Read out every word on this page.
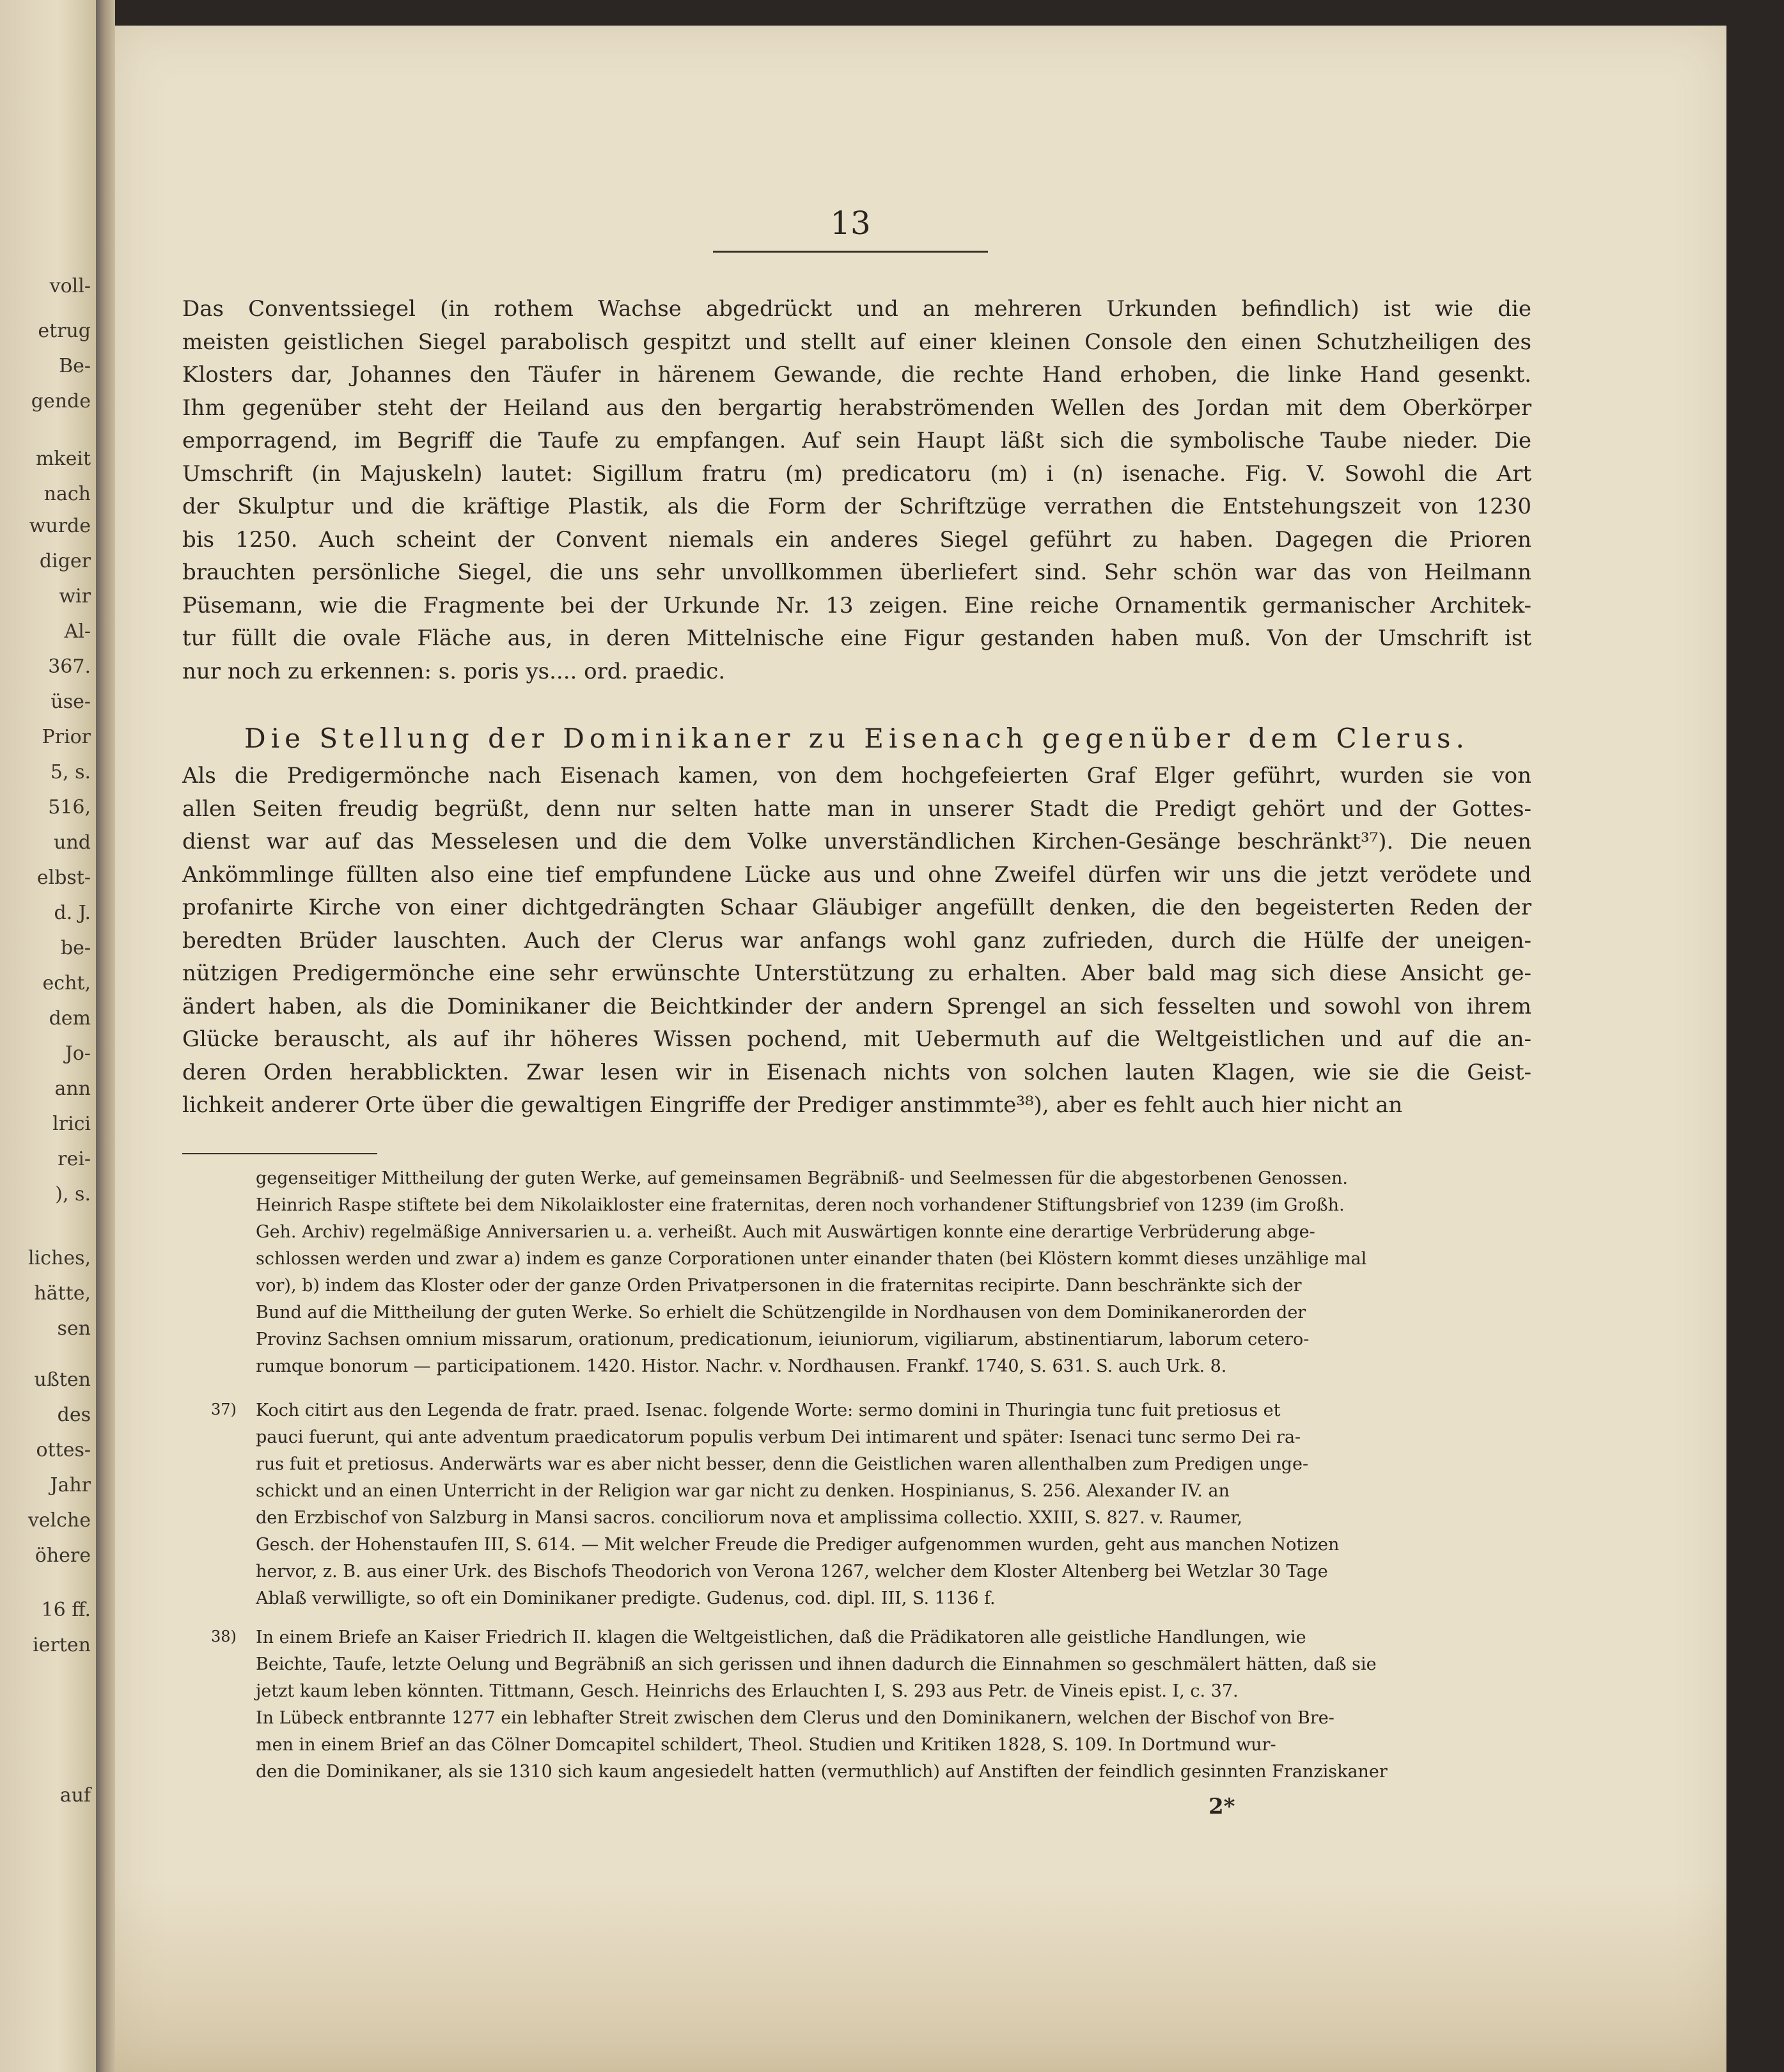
voll-
etrug
Be-
gende
mkeit
nach
wurde
diger
wir
Al-
367.
üse-
Prior
5, s.
516,
und
elbst-
d. J.
be-
echt,
dem
Jo-
ann
lrici
rei-
), s.
liches,
hätte,
sen
ußten
des
ottes-
Jahr
velche
öhere
16 ff.
ierten
auf
13
Das Conventssiegel (in rothem Wachse abgedrückt und an mehreren Urkunden befindlich) ist wie die
meisten geistlichen Siegel parabolisch gespitzt und stellt auf einer kleinen Console den einen Schutzheiligen des
Klosters dar, Johannes den Täufer in härenem Gewande, die rechte Hand erhoben, die linke Hand gesenkt.
Ihm gegenüber steht der Heiland aus den bergartig herabströmenden Wellen des Jordan mit dem Oberkörper
emporragend, im Begriff die Taufe zu empfangen. Auf sein Haupt läßt sich die symbolische Taube nieder. Die
Umschrift (in Majuskeln) lautet: Sigillum fratru (m) predicatoru (m) i (n) isenache. Fig. V. Sowohl die Art
der Skulptur und die kräftige Plastik, als die Form der Schriftzüge verrathen die Entstehungszeit von 1230
bis 1250. Auch scheint der Convent niemals ein anderes Siegel geführt zu haben. Dagegen die Prioren
brauchten persönliche Siegel, die uns sehr unvollkommen überliefert sind. Sehr schön war das von Heilmann
Püsemann, wie die Fragmente bei der Urkunde Nr. 13 zeigen. Eine reiche Ornamentik germanischer Architek-
tur füllt die ovale Fläche aus, in deren Mittelnische eine Figur gestanden haben muß. Von der Umschrift ist
nur noch zu erkennen: s. poris ys.... ord. praedic.
Die Stellung der Dominikaner zu Eisenach gegenüber dem Clerus.
Als die Predigermönche nach Eisenach kamen, von dem hochgefeierten Graf Elger geführt, wurden sie von
allen Seiten freudig begrüßt, denn nur selten hatte man in unserer Stadt die Predigt gehört und der Gottes-
dienst war auf das Messelesen und die dem Volke unverständlichen Kirchen-Gesänge beschränkt³⁷). Die neuen
Ankömmlinge füllten also eine tief empfundene Lücke aus und ohne Zweifel dürfen wir uns die jetzt verödete und
profanirte Kirche von einer dichtgedrängten Schaar Gläubiger angefüllt denken, die den begeisterten Reden der
beredten Brüder lauschten. Auch der Clerus war anfangs wohl ganz zufrieden, durch die Hülfe der uneigen-
nützigen Predigermönche eine sehr erwünschte Unterstützung zu erhalten. Aber bald mag sich diese Ansicht ge-
ändert haben, als die Dominikaner die Beichtkinder der andern Sprengel an sich fesselten und sowohl von ihrem
Glücke berauscht, als auf ihr höheres Wissen pochend, mit Uebermuth auf die Weltgeistlichen und auf die an-
deren Orden herabblickten. Zwar lesen wir in Eisenach nichts von solchen lauten Klagen, wie sie die Geist-
lichkeit anderer Orte über die gewaltigen Eingriffe der Prediger anstimmte³⁸), aber es fehlt auch hier nicht an
gegenseitiger Mittheilung der guten Werke, auf gemeinsamen Begräbniß- und Seelmessen für die abgestorbenen Genossen.
Heinrich Raspe stiftete bei dem Nikolaikloster eine fraternitas, deren noch vorhandener Stiftungsbrief von 1239 (im Großh.
Geh. Archiv) regelmäßige Anniversarien u. a. verheißt. Auch mit Auswärtigen konnte eine derartige Verbrüderung abge-
schlossen werden und zwar a) indem es ganze Corporationen unter einander thaten (bei Klöstern kommt dieses unzählige mal
vor), b) indem das Kloster oder der ganze Orden Privatpersonen in die fraternitas recipirte. Dann beschränkte sich der
Bund auf die Mittheilung der guten Werke. So erhielt die Schützengilde in Nordhausen von dem Dominikanerorden der
Provinz Sachsen omnium missarum, orationum, predicationum, ieiuniorum, vigiliarum, abstinentiarum, laborum cetero-
rumque bonorum — participationem. 1420. Histor. Nachr. v. Nordhausen. Frankf. 1740, S. 631. S. auch Urk. 8.
37) Koch citirt aus den Legenda de fratr. praed. Isenac. folgende Worte: sermo domini in Thuringia tunc fuit pretiosus et
pauci fuerunt, qui ante adventum praedicatorum populis verbum Dei intimarent und später: Isenaci tunc sermo Dei ra-
rus fuit et pretiosus. Anderwärts war es aber nicht besser, denn die Geistlichen waren allenthalben zum Predigen unge-
schickt und an einen Unterricht in der Religion war gar nicht zu denken. Hospinianus, S. 256. Alexander IV. an
den Erzbischof von Salzburg in Mansi sacros. conciliorum nova et amplissima collectio. XXIII, S. 827. v. Raumer,
Gesch. der Hohenstaufen III, S. 614. — Mit welcher Freude die Prediger aufgenommen wurden, geht aus manchen Notizen
hervor, z. B. aus einer Urk. des Bischofs Theodorich von Verona 1267, welcher dem Kloster Altenberg bei Wetzlar 30 Tage
Ablaß verwilligte, so oft ein Dominikaner predigte. Gudenus, cod. dipl. III, S. 1136 f.
38) In einem Briefe an Kaiser Friedrich II. klagen die Weltgeistlichen, daß die Prädikatoren alle geistliche Handlungen, wie
Beichte, Taufe, letzte Oelung und Begräbniß an sich gerissen und ihnen dadurch die Einnahmen so geschmälert hätten, daß sie
jetzt kaum leben könnten. Tittmann, Gesch. Heinrichs des Erlauchten I, S. 293 aus Petr. de Vineis epist. I, c. 37.
In Lübeck entbrannte 1277 ein lebhafter Streit zwischen dem Clerus und den Dominikanern, welchen der Bischof von Bre-
men in einem Brief an das Cölner Domcapitel schildert, Theol. Studien und Kritiken 1828, S. 109. In Dortmund wur-
den die Dominikaner, als sie 1310 sich kaum angesiedelt hatten (vermuthlich) auf Anstiften der feindlich gesinnten Franziskaner
2*
